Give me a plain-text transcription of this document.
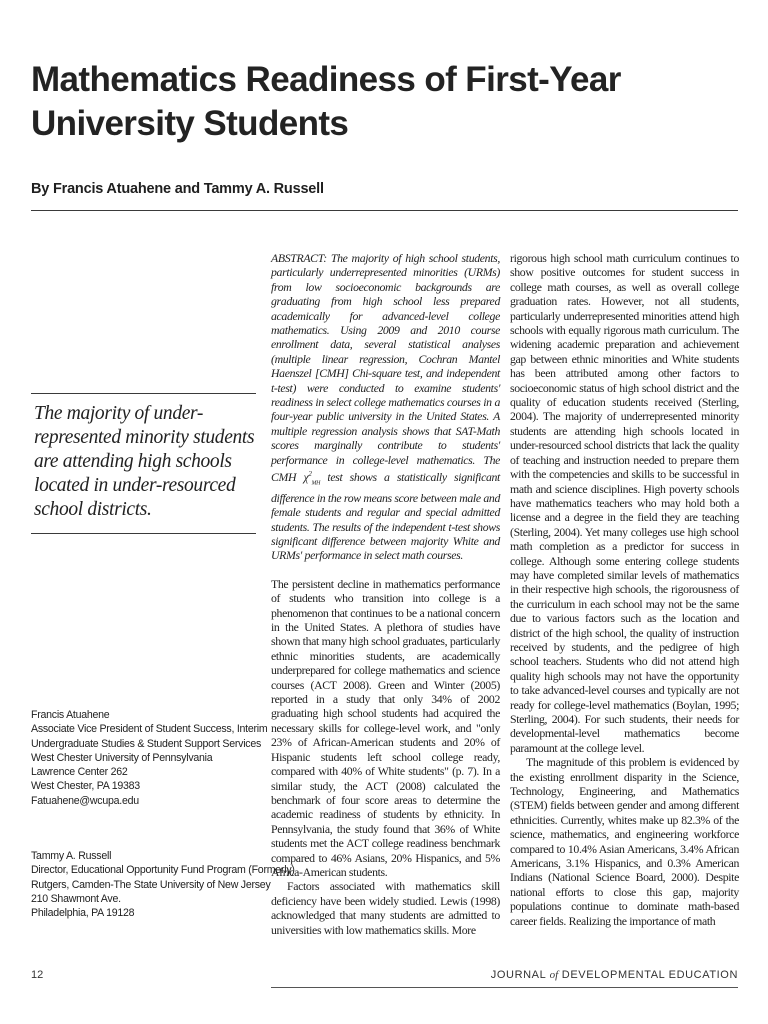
Mathematics Readiness of First-Year University Students

By Francis Atuahene and Tammy A. Russell

The majority of under-represented minority students are attending high schools located in under-resourced school districts.

Francis Atuahene
Associate Vice President of Student Success, Interim
Undergraduate Studies & Student Support Services
West Chester University of Pennsylvania
Lawrence Center 262
West Chester, PA 19383
Fatuahene@wcupa.edu
Tammy A. Russell
Director, Educational Opportunity Fund Program (Formerly)
Rutgers, Camden-The State University of New Jersey
210 Shawmont Ave.
Philadelphia, PA 19128

ABSTRACT: The majority of high school students, particularly underrepresented minorities (URMs) from low socioeconomic backgrounds are graduating from high school less prepared academically for advanced-level college mathematics. Using 2009 and 2010 course enrollment data, several statistical analyses (multiple linear regression, Cochran Mantel Haenszel [CMH] Chi-square test, and independent t-test) were conducted to examine students' readiness in select college mathematics courses in a four-year public university in the United States. A multiple regression analysis shows that SAT-Math scores marginally contribute to students' performance in college-level mathematics. The CMH $\chi^2_{MH}$ test shows a statistically significant difference in the row means score between male and female students and regular and special admitted students. The results of the independent t-test shows significant difference between majority White and URMs' performance in select math courses.

The persistent decline in mathematics performance of students who transition into college is a phenomenon that continues to be a national concern in the United States. A plethora of studies have shown that many high school graduates, particularly ethnic minorities students, are academically underprepared for college mathematics and science courses (ACT 2008). Green and Winter (2005) reported in a study that only 34% of 2002 graduating high school students had acquired the necessary skills for college-level work, and "only 23% of African-American students and 20% of Hispanic students left school college ready, compared with 40% of White students" (p. 7). In a similar study, the ACT (2008) calculated the benchmark of four score areas to determine the academic readiness of students by ethnicity. In Pennsylvania, the study found that 36% of White students met the ACT college readiness benchmark compared to 46% Asians, 20% Hispanics, and 5% Africa-American students.

Factors associated with mathematics skill deficiency have been widely studied. Lewis (1998) acknowledged that many students are admitted to universities with low mathematics skills. More

rigorous high school math curriculum continues to show positive outcomes for student success in college math courses, as well as overall college graduation rates. However, not all students, particularly underrepresented minorities attend high schools with equally rigorous math curriculum. The widening academic preparation and achievement gap between ethnic minorities and White students has been attributed among other factors to socioeconomic status of high school district and the quality of education students received (Sterling, 2004). The majority of underrepresented minority students are attending high schools located in under-resourced school districts that lack the quality of teaching and instruction needed to prepare them with the competencies and skills to be successful in math and science disciplines. High poverty schools have mathematics teachers who may hold both a license and a degree in the field they are teaching (Sterling, 2004). Yet many colleges use high school math completion as a predictor for success in college. Although some entering college students may have completed similar levels of mathematics in their respective high schools, the rigorousness of the curriculum in each school may not be the same due to various factors such as the location and district of the high school, the quality of instruction received by students, and the pedigree of high school teachers. Students who did not attend high quality high schools may not have the opportunity to take advanced-level courses and typically are not ready for college-level mathematics (Boylan, 1995; Sterling, 2004). For such students, their needs for developmental-level mathematics become paramount at the college level.

The magnitude of this problem is evidenced by the existing enrollment disparity in the Science, Technology, Engineering, and Mathematics (STEM) fields between gender and among different ethnicities. Currently, whites make up 82.3% of the science, mathematics, and engineering workforce compared to 10.4% Asian Americans, 3.4% African Americans, 3.1% Hispanics, and 0.3% American Indians (National Science Board, 2000). Despite national efforts to close this gap, majority populations continue to dominate math-based career fields. Realizing the importance of math

12	JOURNAL of DEVELOPMENTAL EDUCATION
